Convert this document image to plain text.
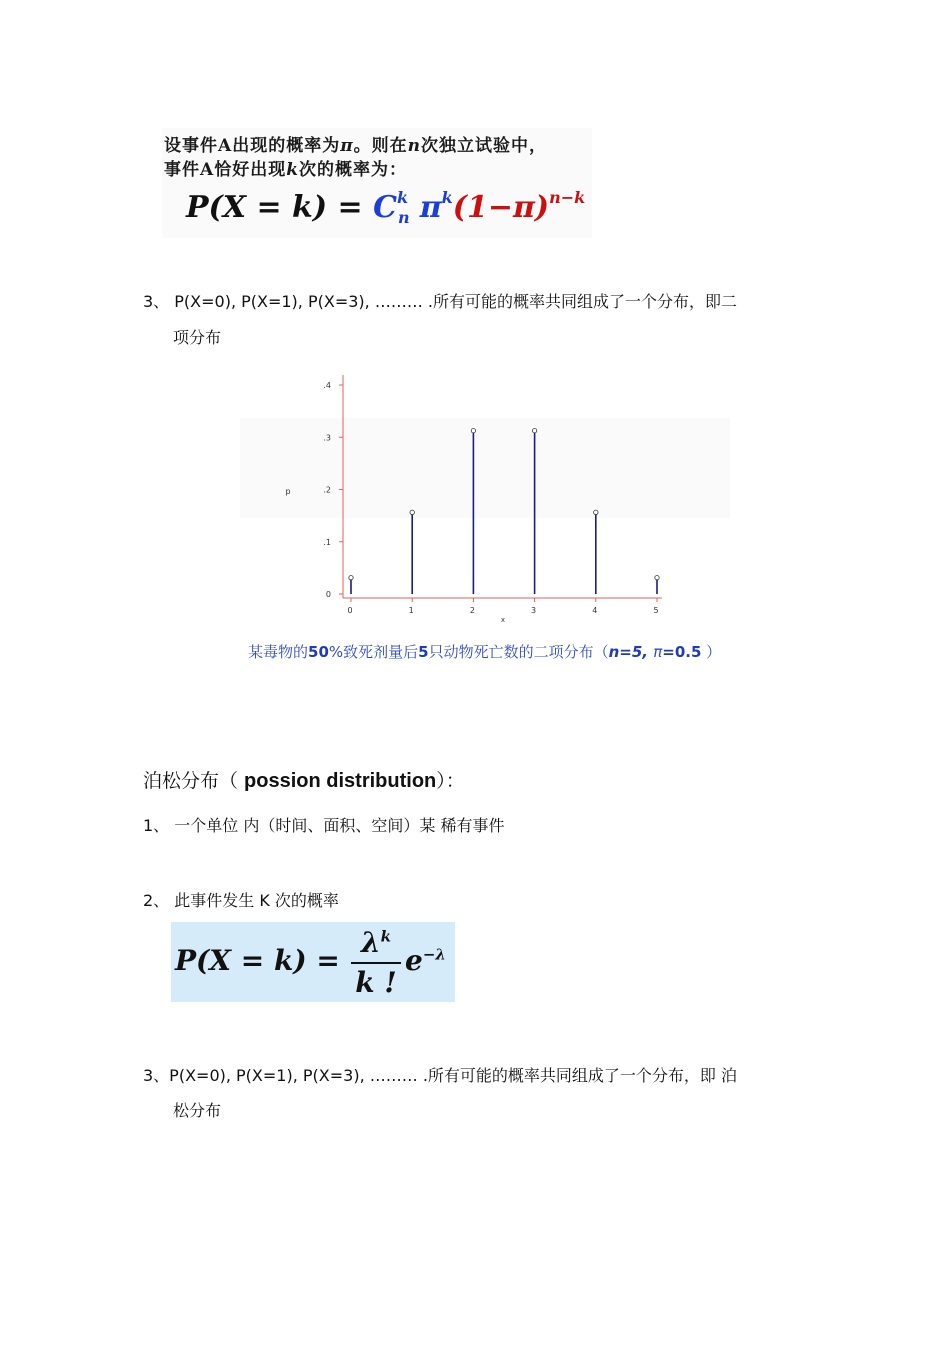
设事件A出现的概率为π。则在n次独立试验中，
事件A恰好出现k次的概率为：
$P(X = k) = C^k_n$ $\pi^k(1-\pi)^{n-k}$
3、 P(X=0), P(X=1), P(X=3), ……… .所有可能的概率共同组成了一个分布，即二
项分布
0
.1
.2
.3
.4
0	1	2	3	4	5
p
x
某毒物的50%致死剂量后5只动物死亡数的二项分布（n=5, π=0.5 ）
泊松分布（ possion distribution）：
1、 一个单位 内（时间、面积、空间）某 稀有事件
2、 此事件发生 K 次的概率
P(X = k) =
$\lambda^k$
k !
$e^{-\lambda}$
3、P(X=0), P(X=1), P(X=3), ……… .所有可能的概率共同组成了一个分布，即 泊
松分布
